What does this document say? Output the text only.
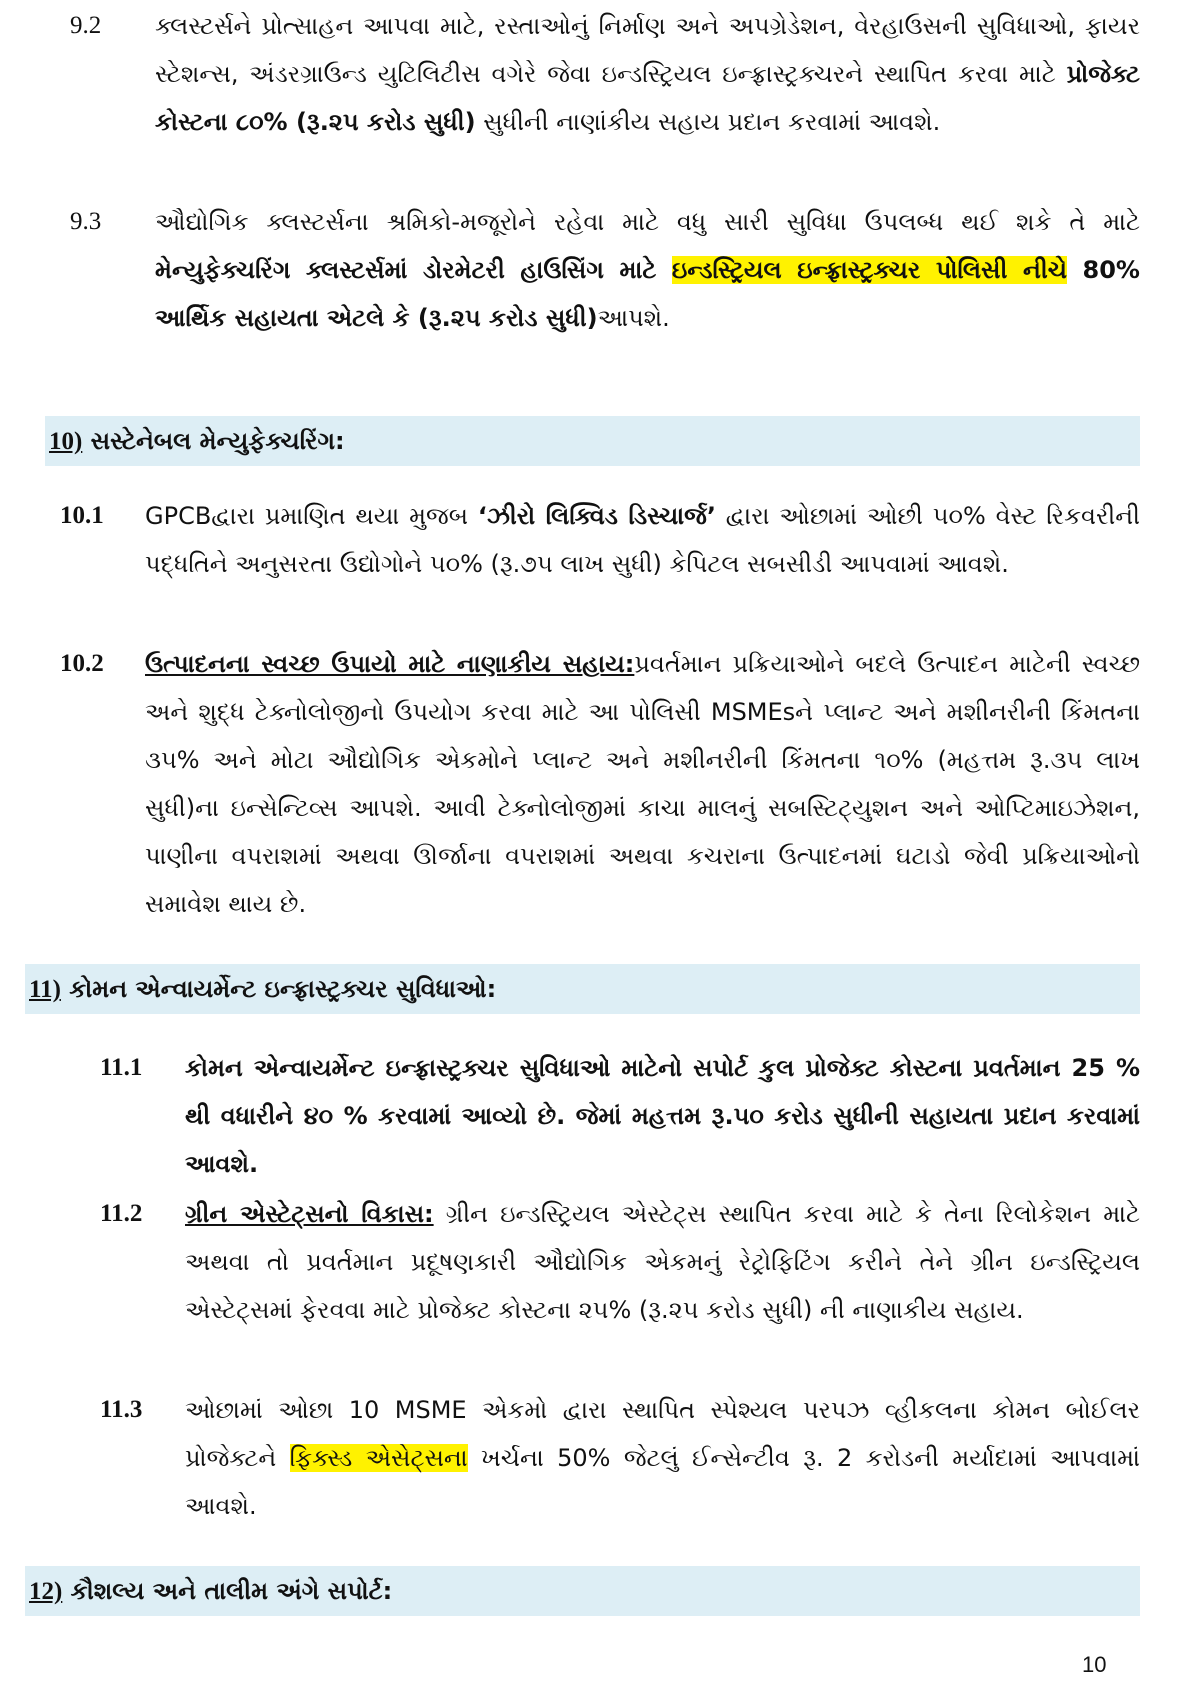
9.2 ક્લસ્ટર્સને પ્રોત્સાહન આપવા માટે, રસ્તાઓનું નિર્માણ અને અપગ્રેડેશન, વેરહાઉસની સુવિધાઓ, ફાયર સ્ટેશન્સ, અંડરગ્રાઉન્ડ યુટિલિટીસ વગેરે જેવા ઇન્ડસ્ટ્રિયલ ઇન્ફ્રાસ્ટ્રક્ચરને સ્થાપિત કરવા માટે પ્રોજેક્ટ કોસ્ટના ૮૦% (રૂ.૨૫ કરોડ સુધી) સુધીની નાણાંકીય સહાય પ્રદાન કરવામાં આવશે.
9.3 ઔદ્યોગિક ક્લસ્ટર્સના શ્રમિકો-મજૂરોને રહેવા માટે વધુ સારી સુવિધા ઉપલબ્ધ થઈ શકે તે માટે મેન્યુફેક્ચરિંગ ક્લસ્ટર્સમાં ડોરમેટરી હાઉસિંગ માટે ઇન્ડસ્ટ્રિયલ ઇન્ફ્રાસ્ટ્રક્ચર પોલિસી નીચે 80% આર્થિક સહાયતા એટલે કે (રૂ.૨૫ કરોડ સુધી)આપશે.
10) સસ્ટેનેબલ મેન્યુફેક્ચરિંગ:
10.1 GPCBદ્વારા પ્રમાણિત થયા મુજબ ‘ઝીરો લિક્વિડ ડિસ્ચાર્જ’ દ્વારા ઓછામાં ઓછી ૫૦% વેસ્ટ રિકવરીની પદ્ધતિને અનુસરતા ઉદ્યોગોને ૫૦% (રૂ.૭૫ લાખ સુધી) કેપિટલ સબસીડી આપવામાં આવશે.
10.2 ઉત્પાદનના સ્વચ્છ ઉપાયો માટે નાણાકીય સહાય:પ્રવર્તમાન પ્રક્રિયાઓને બદલે ઉત્પાદન માટેની સ્વચ્છ અને શુદ્ધ ટેક્નોલોજીનો ઉપયોગ કરવા માટે આ પોલિસી MSMEsને પ્લાન્ટ અને મશીનરીની કિંમતના ૩૫% અને મોટા ઔદ્યોગિક એકમોને પ્લાન્ટ અને મશીનરીની કિંમતના ૧૦% (મહત્તમ રૂ.૩૫ લાખ સુધી)ના ઇન્સેન્ટિવ્સ આપશે. આવી ટેક્નોલોજીમાં કાચા માલનું સબસ્ટિટ્યુશન અને ઓપ્ટિમાઇઝેશન, પાણીના વપરાશમાં અથવા ઊર્જાના વપરાશમાં અથવા કચરાના ઉત્પાદનમાં ઘટાડો જેવી પ્રક્રિયાઓનો સમાવેશ થાય છે.
11) કોમન એન્વાયર્મેન્ટ ઇન્ફ્રાસ્ટ્રક્ચર સુવિધાઓ:
11.1 કોમન એન્વાયર્મેન્ટ ઇન્ફ્રાસ્ટ્રક્ચર સુવિધાઓ માટેનો સપોર્ટ કુલ પ્રોજેક્ટ કોસ્ટના પ્રવર્તમાન 25 % થી વધારીને ૪૦ % કરવામાં આવ્યો છે. જેમાં મહત્તમ રૂ.૫૦ કરોડ સુધીની સહાયતા પ્રદાન કરવામાં આવશે.
11.2 ગ્રીન એસ્ટેટ્સનો વિકાસ: ગ્રીન ઇન્ડસ્ટ્રિયલ એસ્ટેટ્સ સ્થાપિત કરવા માટે કે તેના રિલોકેશન માટે અથવા તો પ્રવર્તમાન પ્રદૂષણકારી ઔદ્યોગિક એકમનું રેટ્રોફિટિંગ કરીને તેને ગ્રીન ઇન્ડસ્ટ્રિયલ એસ્ટેટ્સમાં ફેરવવા માટે પ્રોજેક્ટ કોસ્ટના ૨૫% (રૂ.૨૫ કરોડ સુધી) ની નાણાકીય સહાય.
11.3 ઓછામાં ઓછા 10 MSME એકમો દ્વારા સ્થાપિત સ્પેશ્યલ પરપઝ વ્હીકલના કોમન બોઈલર પ્રોજેક્ટને ફિક્સ્ડ એસેટ્સના ખર્ચના 50% જેટલું ઈન્સેન્ટીવ રૂ. 2 કરોડની મર્યાદામાં આપવામાં આવશે.
12) કૌશલ્ય અને તાલીમ અંગે સપોર્ટ:
10
